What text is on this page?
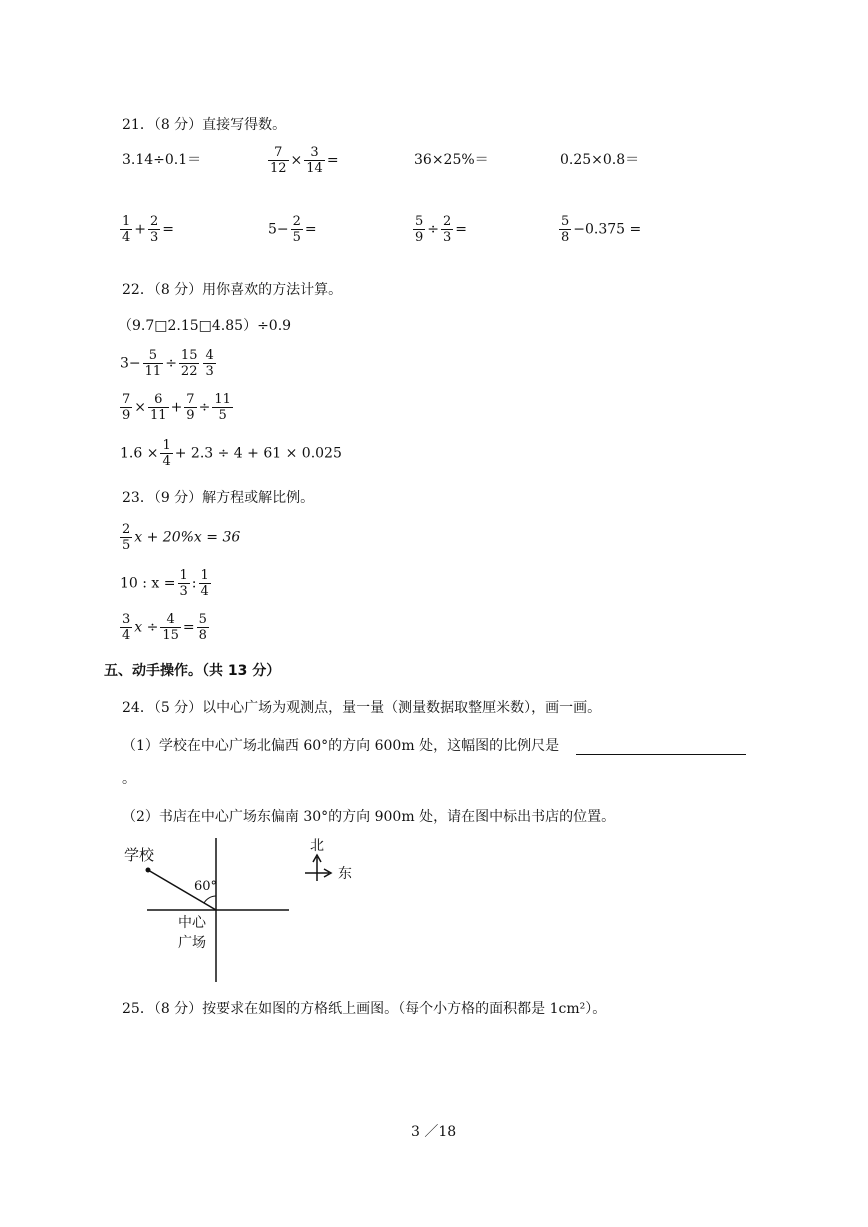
21．（8 分）直接写得数。
3.14÷0.1＝	$\frac{7}{12} \times \frac{3}{14}$ =	36×25%＝	0.25×0.8＝
$\frac{1}{4} + \frac{2}{3}$ =	$5- \frac{2}{5}$ =	$\frac{5}{9} \div \frac{2}{3}$ =	$\frac{5}{8} -0.375$ =
22．（8 分）用你喜欢的方法计算。
（9.7□2.15□4.85）÷0.9
$3- \frac{5}{11} \div \frac{15}{22} \frac{4}{3}$
$\frac{7}{9} \times \frac{6}{11} + \frac{7}{9} \div \frac{11}{5}$
$1.6 \times \frac{1}{4} + 2.3 \div 4 + 61 \times 0.025$
23．（9 分）解方程或解比例。
$\frac{2}{5}$ x + 20%x = 36
10 : $x = \frac{1}{3}$ : $\frac{1}{4}$
$\frac{3}{4}$ $x \div \frac{4}{15} = \frac{5}{8}$
五、动手操作。（共 13 分）
24．（5 分）以中心广场为观测点，量一量（测量数据取整厘米数），画一画。
（1）学校在中心广场北偏西 60°的方向 600m 处，这幅图的比例尺是
。
（2）书店在中心广场东偏南 30°的方向 900m 处，请在图中标出书店的位置。
学校
60°
中心
广场
北
东
25．（8 分）按要求在如图的方格纸上画图。（每个小方格的面积都是 1cm²）。
3 ／18
